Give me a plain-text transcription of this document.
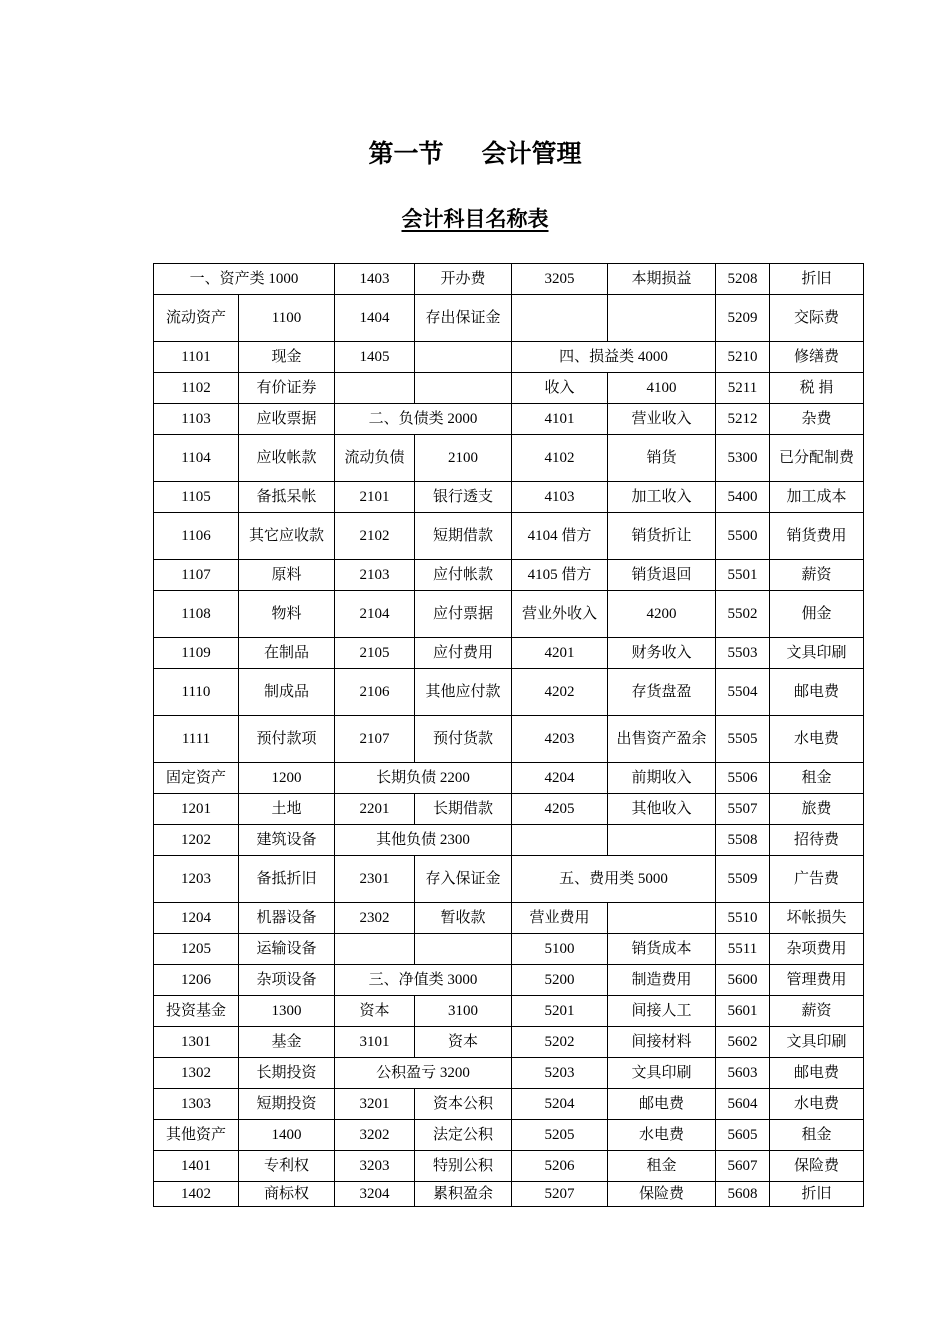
第一节 会计管理
会计科目名称表
一、资产类 1000		1403	开办费	3205	本期损益	5208	折旧
流动资产	1100	1404	存出保证金			5209	交际费
1101	现金	1405		四、损益类 4000		5210	修缮费
1102	有价证券			收入	4100	5211	税 捐
1103	应收票据	二、负债类 2000		4101	营业收入	5212	杂费
1104	应收帐款	流动负债	2100	4102	销货	5300	已分配制费
1105	备抵呆帐	2101	银行透支	4103	加工收入	5400	加工成本
1106	其它应收款	2102	短期借款	4104 借方	销货折让	5500	销货费用
1107	原料	2103	应付帐款	4105 借方	销货退回	5501	薪资
1108	物料	2104	应付票据	营业外收入	4200	5502	佣金
1109	在制品	2105	应付费用	4201	财务收入	5503	文具印刷
1110	制成品	2106	其他应付款	4202	存货盘盈	5504	邮电费
1111	预付款项	2107	预付货款	4203	出售资产盈余	5505	水电费
固定资产	1200	长期负债 2200		4204	前期收入	5506	租金
1201	土地	2201	长期借款	4205	其他收入	5507	旅费
1202	建筑设备	其他负债 2300				5508	招待费
1203	备抵折旧	2301	存入保证金	五、费用类 5000		5509	广告费
1204	机器设备	2302	暂收款	营业费用		5510	坏帐损失
1205	运输设备			5100	销货成本	5511	杂项费用
1206	杂项设备	三、净值类 3000		5200	制造费用	5600	管理费用
投资基金	1300	资本	3100	5201	间接人工	5601	薪资
1301	基金	3101	资本	5202	间接材料	5602	文具印刷
1302	长期投资	公积盈亏 3200		5203	文具印刷	5603	邮电费
1303	短期投资	3201	资本公积	5204	邮电费	5604	水电费
其他资产	1400	3202	法定公积	5205	水电费	5605	租金
1401	专利权	3203	特别公积	5206	租金	5607	保险费
1402	商标权	3204	累积盈余	5207	保险费	5608	折旧
